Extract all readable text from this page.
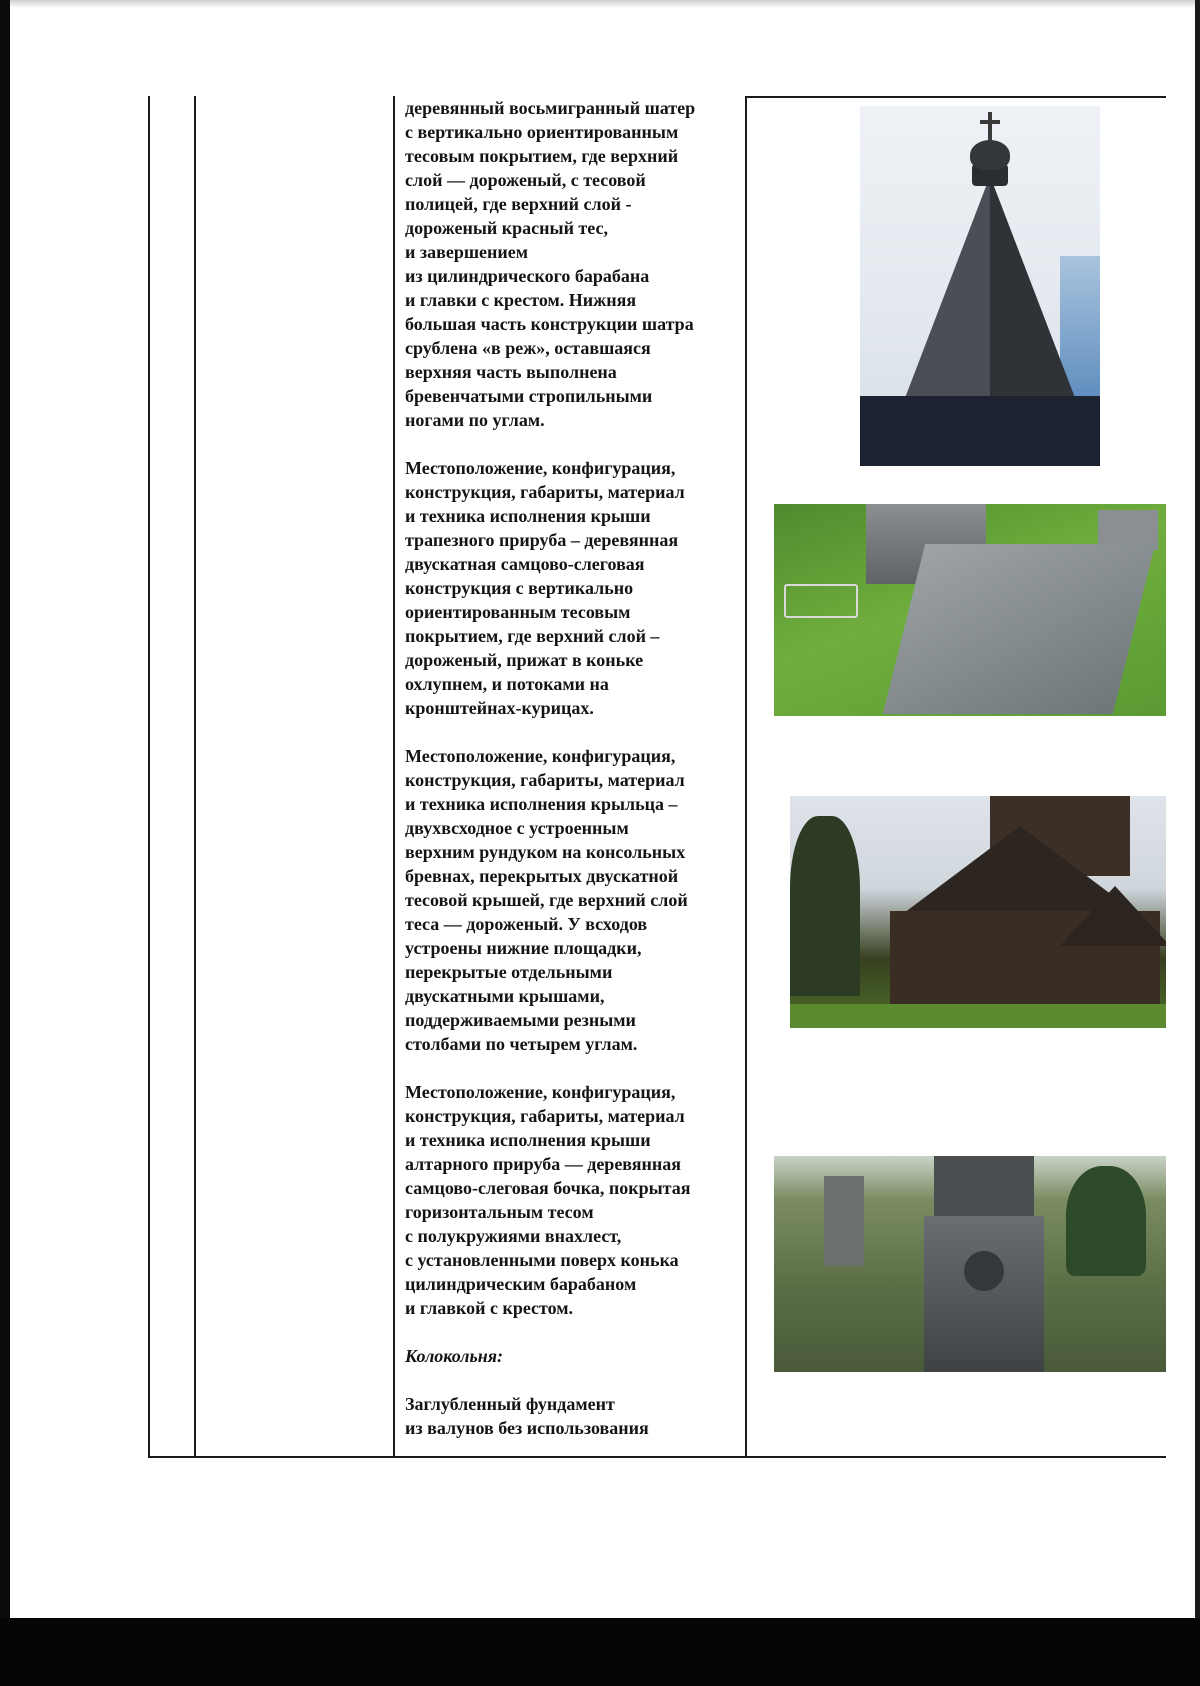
деревянный восьмигранный шатер
с вертикально ориентированным
тесовым покрытием, где верхний
слой — дороженый, с тесовой
полицей, где верхний слой -
дороженый красный тес,
и завершением
из цилиндрического барабана
и главки с крестом. Нижняя
большая часть конструкции шатра
срублена «в реж», оставшаяся
верхняя часть выполнена
бревенчатыми стропильными
ногами по углам.

Местоположение, конфигурация,
конструкция, габариты, материал
и техника исполнения крыши
трапезного прируба – деревянная
двускатная самцово-слеговая
конструкция с вертикально
ориентированным тесовым
покрытием, где верхний слой –
дороженый, прижат в коньке
охлупнем, и потоками на
кронштейнах-курицах.

Местоположение, конфигурация,
конструкция, габариты, материал
и техника исполнения крыльца –
двухвсходное с устроенным
верхним рундуком на консольных
бревнах, перекрытых двускатной
тесовой крышей, где верхний слой
теса — дороженый. У всходов
устроены нижние площадки,
перекрытые отдельными
двускатными крышами,
поддерживаемыми резными
столбами по четырем углам.

Местоположение, конфигурация,
конструкция, габариты, материал
и техника исполнения крыши
алтарного прируба — деревянная
самцово-слеговая бочка, покрытая
горизонтальным тесом
с полукружиями внахлест,
с установленными поверх конька
цилиндрическим барабаном
и главкой с крестом.

Колокольня:

Заглубленный фундамент
из валунов без использования
